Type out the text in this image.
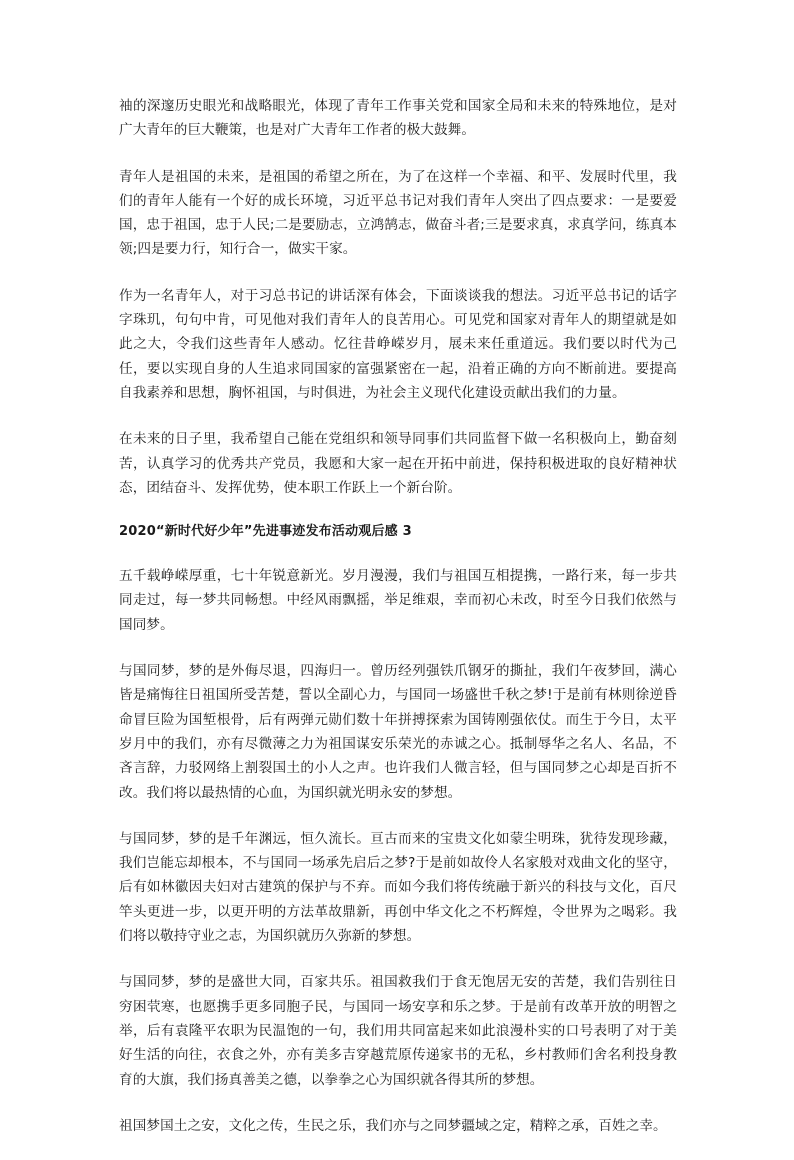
袖的深邃历史眼光和战略眼光，体现了青年工作事关党和国家全局和未来的特殊地位，是对广大青年的巨大鞭策，也是对广大青年工作者的极大鼓舞。

青年人是祖国的未来，是祖国的希望之所在，为了在这样一个幸福、和平、发展时代里，我们的青年人能有一个好的成长环境，习近平总书记对我们青年人突出了四点要求：一是要爱国，忠于祖国，忠于人民;二是要励志，立鸿鹄志，做奋斗者;三是要求真，求真学问，练真本领;四是要力行，知行合一，做实干家。

作为一名青年人，对于习总书记的讲话深有体会，下面谈谈我的想法。习近平总书记的话字字珠玑，句句中肯，可见他对我们青年人的良苦用心。可见党和国家对青年人的期望就是如此之大，令我们这些青年人感动。忆往昔峥嵘岁月，展未来任重道远。我们要以时代为己任，要以实现自身的人生追求同国家的富强紧密在一起，沿着正确的方向不断前进。要提高自我素养和思想，胸怀祖国，与时俱进，为社会主义现代化建设贡献出我们的力量。

在未来的日子里，我希望自己能在党组织和领导同事们共同监督下做一名积极向上，勤奋刻苦，认真学习的优秀共产党员，我愿和大家一起在开拓中前进，保持积极进取的良好精神状态，团结奋斗、发挥优势，使本职工作跃上一个新台阶。

2020“新时代好少年”先进事迹发布活动观后感 3

五千载峥嵘厚重，七十年锐意新光。岁月漫漫，我们与祖国互相提携，一路行来，每一步共同走过，每一梦共同畅想。中经风雨飘摇，举足维艰，幸而初心未改，时至今日我们依然与国同梦。

与国同梦，梦的是外侮尽退，四海归一。曾历经列强铁爪钢牙的撕扯，我们午夜梦回，满心皆是痛悔往日祖国所受苦楚，誓以全副心力，与国同一场盛世千秋之梦!于是前有林则徐逆昏命冒巨险为国堑根骨，后有两弹元勋们数十年拼搏探索为国铸刚强依仗。而生于今日，太平岁月中的我们，亦有尽微薄之力为祖国谋安乐荣光的赤诚之心。抵制辱华之名人、名品，不吝言辞，力驳网络上割裂国土的小人之声。也许我们人微言轻，但与国同梦之心却是百折不改。我们将以最热情的心血，为国织就光明永安的梦想。

与国同梦，梦的是千年渊远，恒久流长。亘古而来的宝贵文化如蒙尘明珠，犹待发现珍藏，我们岂能忘却根本，不与国同一场承先启后之梦?于是前如故伶人名家般对戏曲文化的坚守，后有如林徽因夫妇对古建筑的保护与不弃。而如今我们将传统融于新兴的科技与文化，百尺竿头更进一步，以更开明的方法革故鼎新，再创中华文化之不朽辉煌，令世界为之喝彩。我们将以敬持守业之志，为国织就历久弥新的梦想。

与国同梦，梦的是盛世大同，百家共乐。祖国救我们于食无饱居无安的苦楚，我们告别往日穷困茕寒，也愿携手更多同胞子民，与国同一场安享和乐之梦。于是前有改革开放的明智之举，后有袁隆平农职为民温饱的一句，我们用共同富起来如此浪漫朴实的口号表明了对于美好生活的向往，衣食之外，亦有美多吉穿越荒原传递家书的无私，乡村教师们舍名利投身教育的大旗，我们扬真善美之德，以拳拳之心为国织就各得其所的梦想。

祖国梦国土之安，文化之传，生民之乐，我们亦与之同梦疆域之定，精粹之承，百姓之幸。
